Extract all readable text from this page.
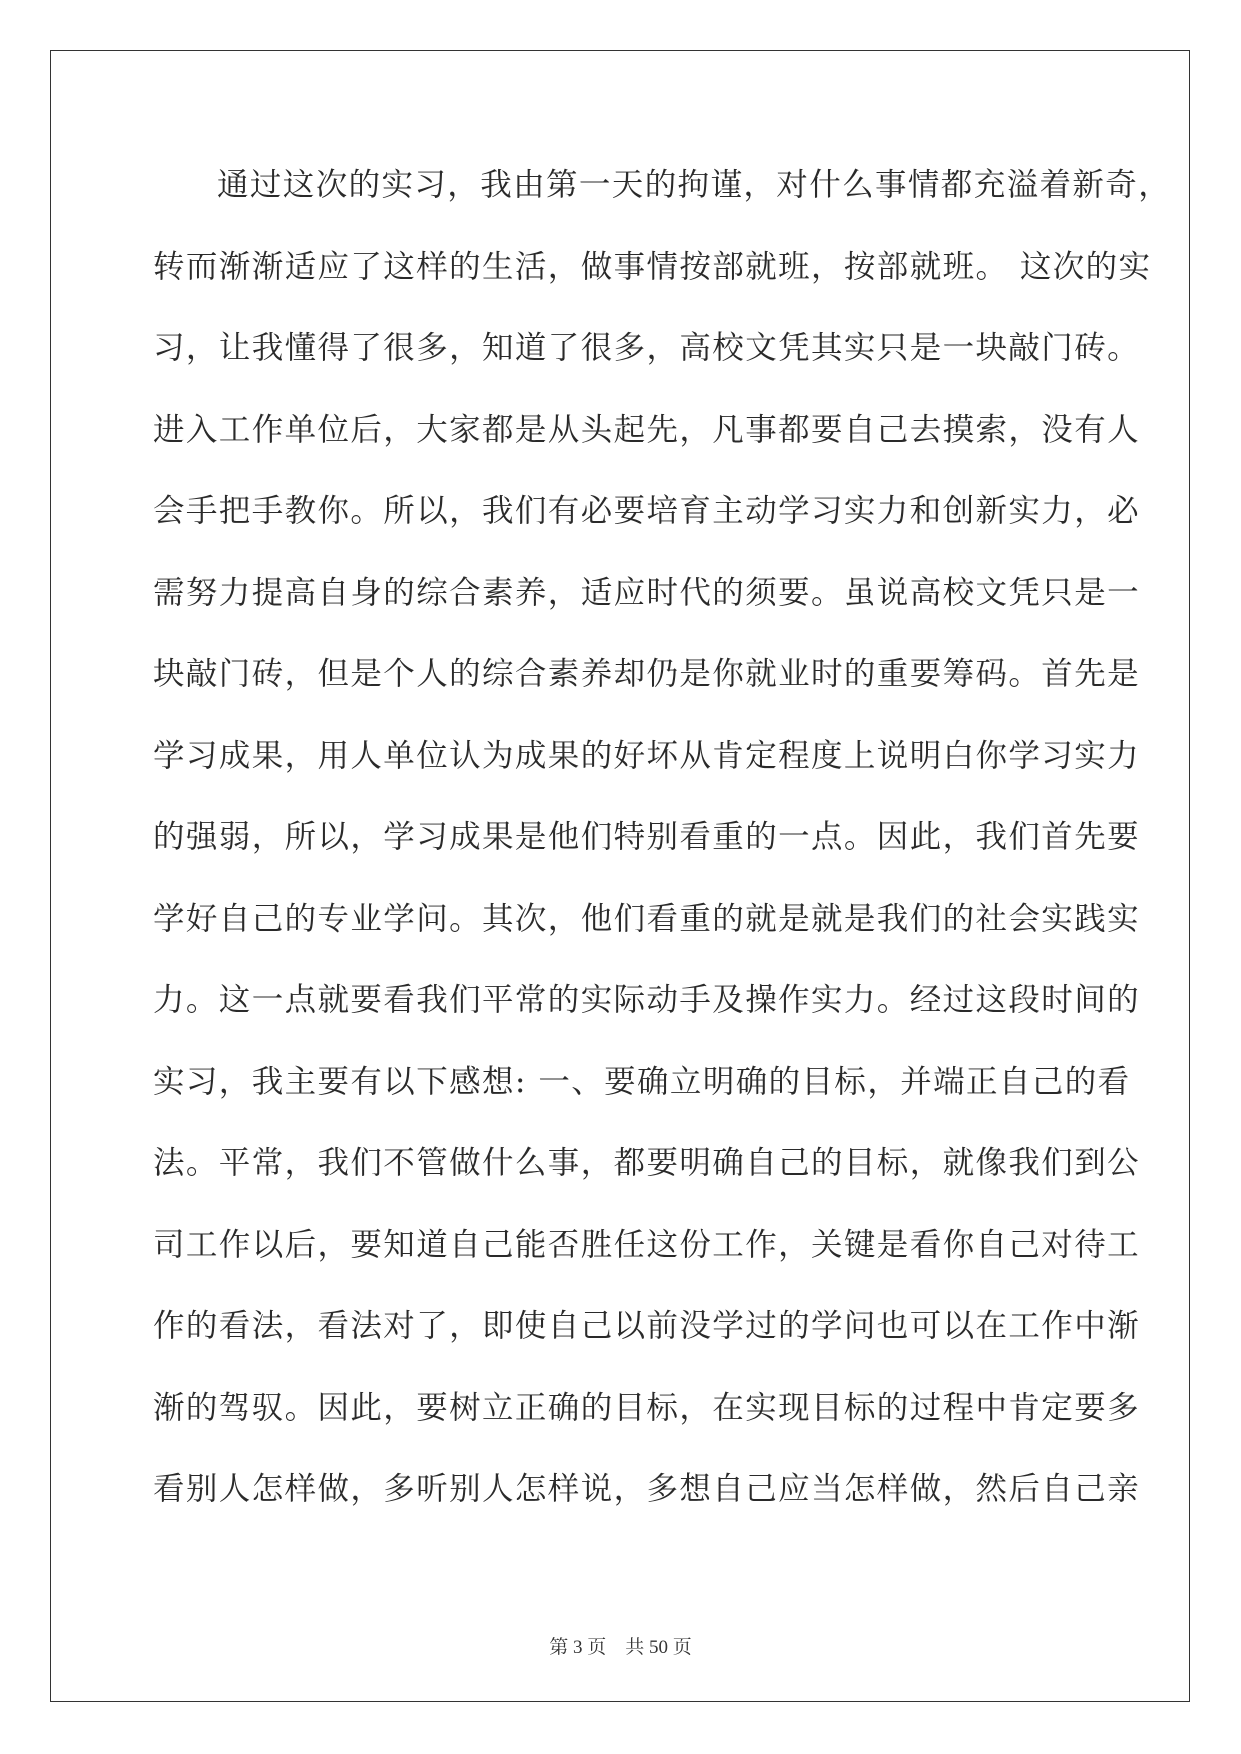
通过这次的实习，我由第一天的拘谨，对什么事情都充溢着新奇，
转而渐渐适应了这样的生活，做事情按部就班，按部就班。 这次的实
习，让我懂得了很多，知道了很多，高校文凭其实只是一块敲门砖。
进入工作单位后，大家都是从头起先，凡事都要自己去摸索，没有人
会手把手教你。所以，我们有必要培育主动学习实力和创新实力，必
需努力提高自身的综合素养，适应时代的须要。虽说高校文凭只是一
块敲门砖，但是个人的综合素养却仍是你就业时的重要筹码。首先是
学习成果，用人单位认为成果的好坏从肯定程度上说明白你学习实力
的强弱，所以，学习成果是他们特别看重的一点。因此，我们首先要
学好自己的专业学问。其次，他们看重的就是就是我们的社会实践实
力。这一点就要看我们平常的实际动手及操作实力。经过这段时间的
实习，我主要有以下感想: 一、要确立明确的目标，并端正自己的看
法。平常，我们不管做什么事，都要明确自己的目标，就像我们到公
司工作以后，要知道自己能否胜任这份工作，关键是看你自己对待工
作的看法，看法对了，即使自己以前没学过的学问也可以在工作中渐
渐的驾驭。因此，要树立正确的目标，在实现目标的过程中肯定要多
看别人怎样做，多听别人怎样说，多想自己应当怎样做，然后自己亲
第 3 页    共 50 页
